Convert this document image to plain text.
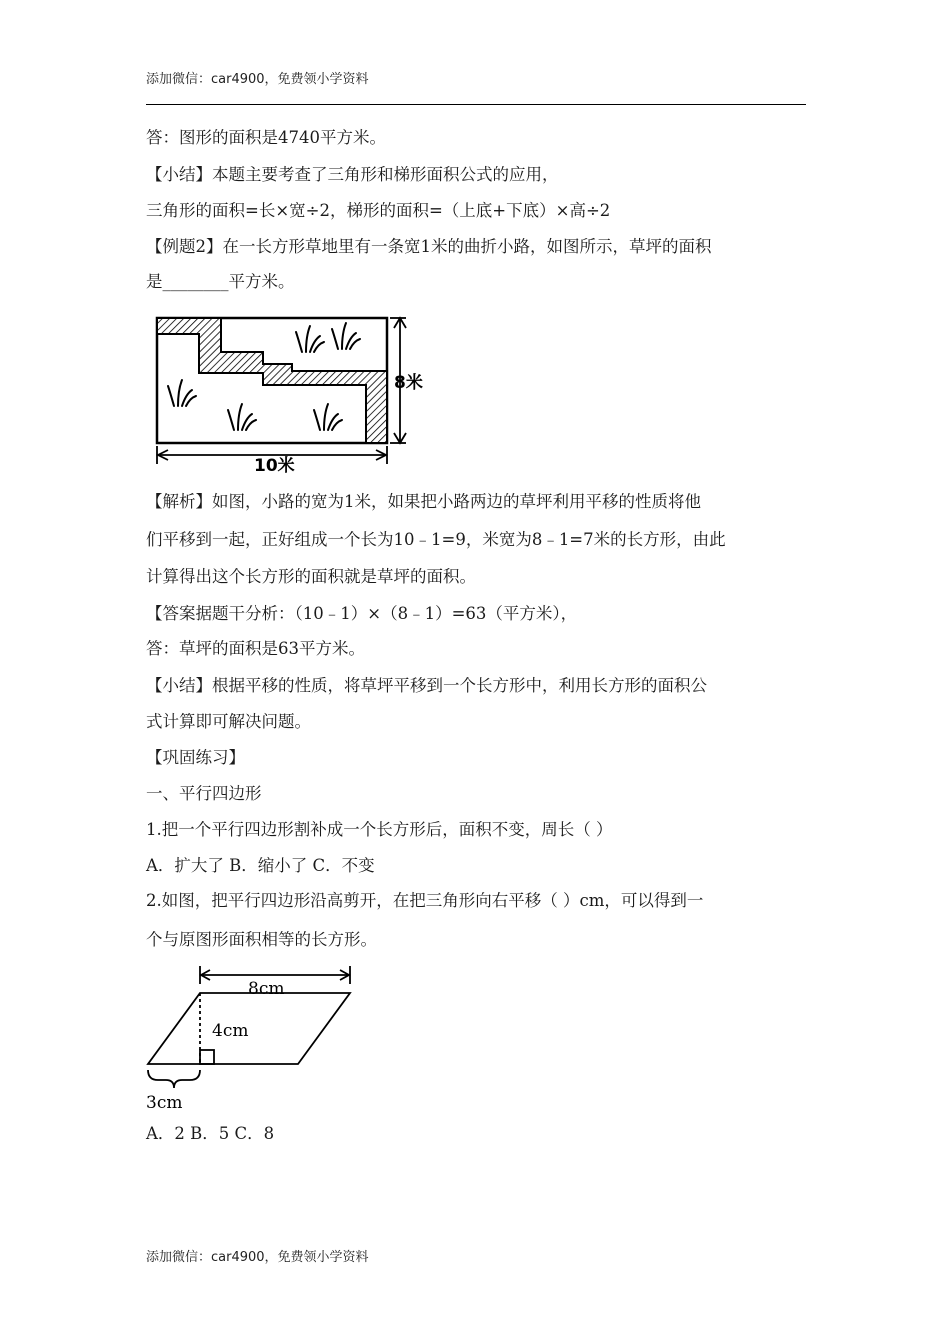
添加微信：car4900，免费领小学资料
答：图形的面积是4740平方米。
【小结】本题主要考查了三角形和梯形面积公式的应用，
三角形的面积=长×宽÷2，梯形的面积=（上底+下底）×高÷2
【例题2】在一长方形草地里有一条宽1米的曲折小路，如图所示，草坪的面积
是________平方米。
8米
10米
【解析】如图，小路的宽为1米，如果把小路两边的草坪利用平移的性质将他
们平移到一起，正好组成一个长为10﹣1=9，米宽为8﹣1=7米的长方形，由此
计算得出这个长方形的面积就是草坪的面积。
【答案据题干分析：（10﹣1）×（8﹣1）=63（平方米），
答：草坪的面积是63平方米。
【小结】根据平移的性质，将草坪平移到一个长方形中，利用长方形的面积公
式计算即可解决问题。
【巩固练习】
一、平行四边形
1.把一个平行四边形割补成一个长方形后，面积不变，周长（ ）
A．扩大了 B．缩小了 C．不变
2.如图，把平行四边形沿高剪开，在把三角形向右平移（ ）cm，可以得到一
个与原图形面积相等的长方形。
8cm
4cm
3cm
A．2 B．5 C．8
添加微信：car4900，免费领小学资料
